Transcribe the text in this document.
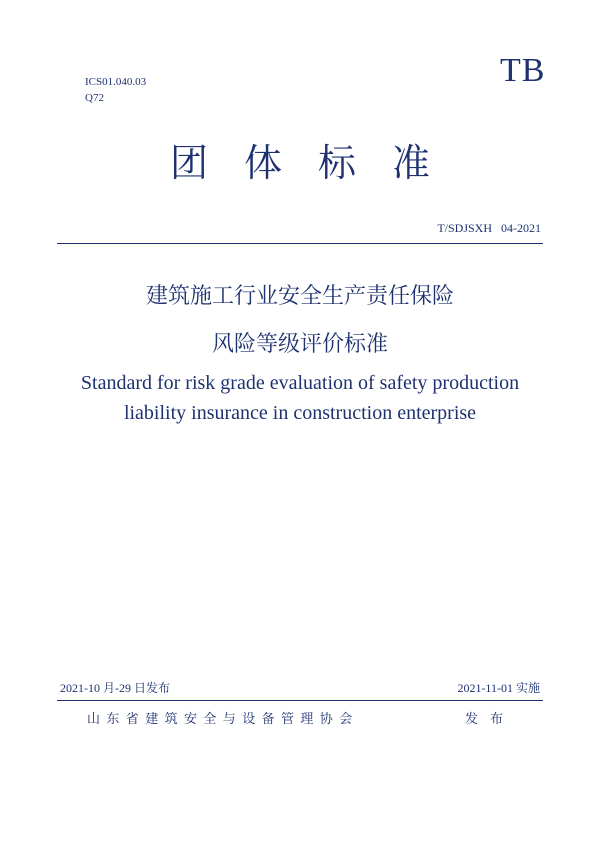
ICS01.040.03
Q72
TB
团体标准
T/SDJSXH   04-2021
建筑施工行业安全生产责任保险
风险等级评价标准
Standard for risk grade evaluation of safety production
liability insurance in construction enterprise
2021-10 月-29 日发布	2021-11-01 实施
山东省建筑安全与设备管理协会	发布
